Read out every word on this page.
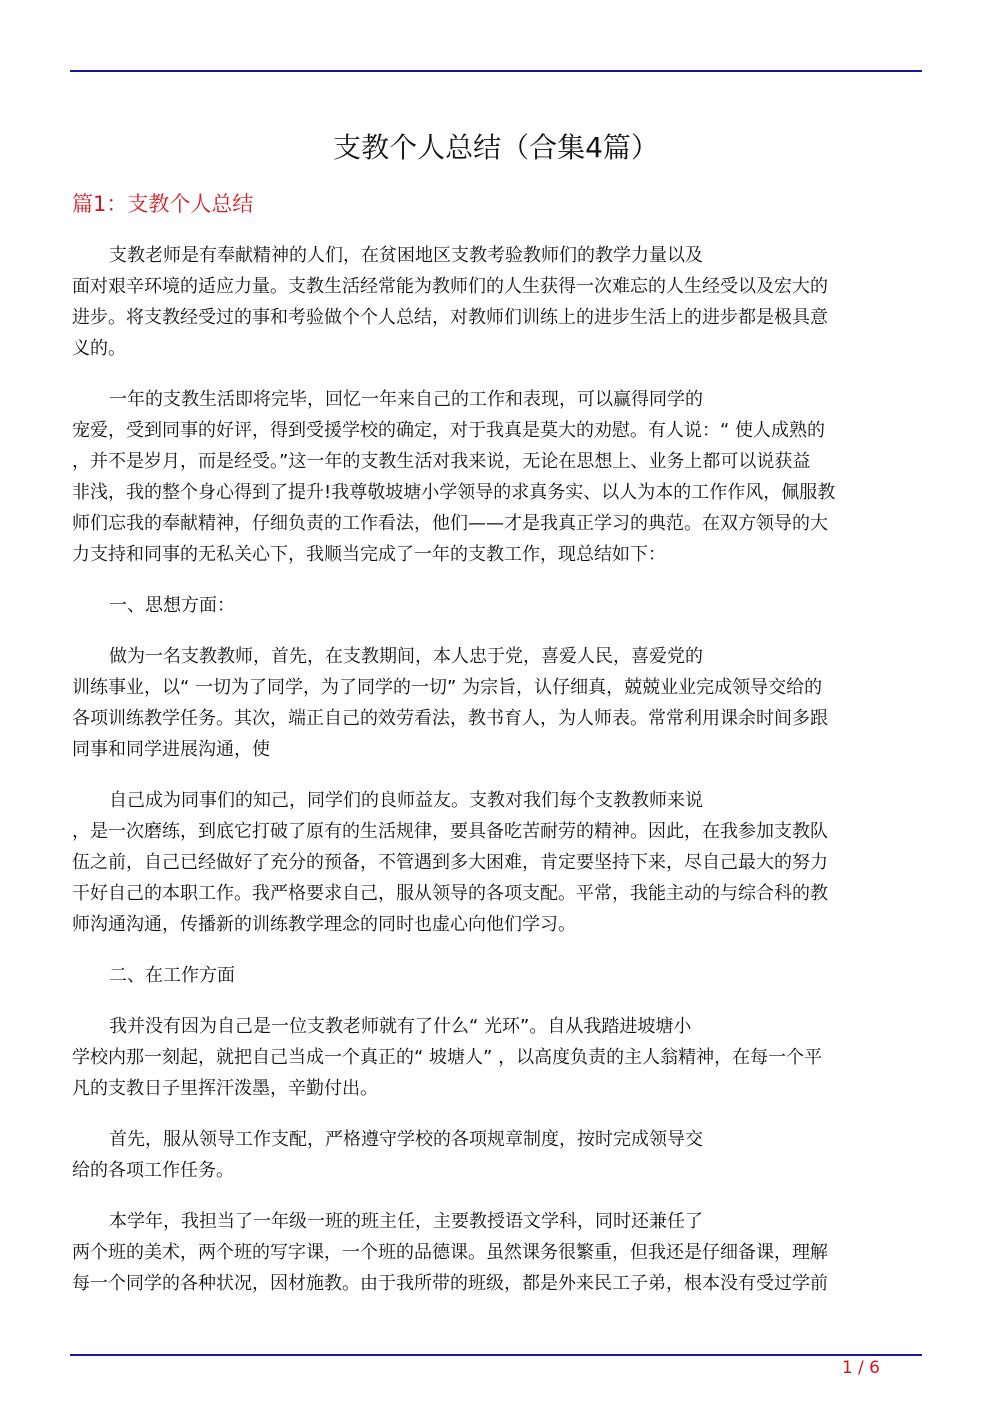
支教个人总结（合集4篇）
篇1：支教个人总结

支教老师是有奉献精神的人们，在贫困地区支教考验教师们的教学力量以及
面对艰辛环境的适应力量。支教生活经常能为教师们的人生获得一次难忘的人生经受以及宏大的
进步。将支教经受过的事和考验做个个人总结，对教师们训练上的进步生活上的进步都是极具意
义的。

一年的支教生活即将完毕，回忆一年来自己的工作和表现，可以赢得同学的
宠爱，受到同事的好评，得到受援学校的确定，对于我真是莫大的劝慰。有人说：“ 使人成熟的
，并不是岁月，而是经受。”这一年的支教生活对我来说，无论在思想上、业务上都可以说获益
非浅，我的整个身心得到了提升!我尊敬坡塘小学领导的求真务实、以人为本的工作作风，佩服教
师们忘我的奉献精神，仔细负责的工作看法，他们——才是我真正学习的典范。在双方领导的大
力支持和同事的无私关心下，我顺当完成了一年的支教工作，现总结如下：

一、思想方面：

做为一名支教教师，首先，在支教期间，本人忠于党，喜爱人民，喜爱党的
训练事业，以“ 一切为了同学，为了同学的一切” 为宗旨，认仔细真，兢兢业业完成领导交给的
各项训练教学任务。其次，端正自己的效劳看法，教书育人，为人师表。常常利用课余时间多跟
同事和同学进展沟通，使

自己成为同事们的知己，同学们的良师益友。支教对我们每个支教教师来说
，是一次磨练，到底它打破了原有的生活规律，要具备吃苦耐劳的精神。因此，在我参加支教队
伍之前，自己已经做好了充分的预备，不管遇到多大困难，肯定要坚持下来，尽自己最大的努力
干好自己的本职工作。我严格要求自己，服从领导的各项支配。平常，我能主动的与综合科的教
师沟通沟通，传播新的训练教学理念的同时也虚心向他们学习。

二、在工作方面

我并没有因为自己是一位支教老师就有了什么“ 光环”。自从我踏进坡塘小
学校内那一刻起，就把自己当成一个真正的“ 坡塘人” ，以高度负责的主人翁精神，在每一个平
凡的支教日子里挥汗泼墨，辛勤付出。

首先，服从领导工作支配，严格遵守学校的各项规章制度，按时完成领导交
给的各项工作任务。

本学年，我担当了一年级一班的班主任，主要教授语文学科，同时还兼任了
两个班的美术，两个班的写字课，一个班的品德课。虽然课务很繁重，但我还是仔细备课，理解
每一个同学的各种状况，因材施教。由于我所带的班级，都是外来民工子弟，根本没有受过学前

1 / 6
